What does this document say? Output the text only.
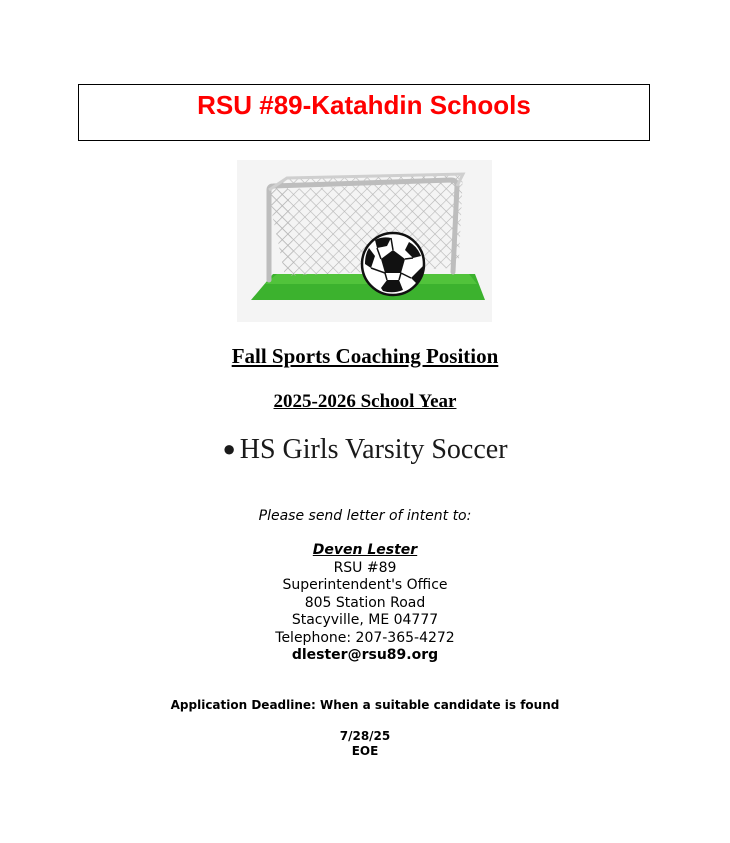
RSU #89-Katahdin Schools
Fall Sports Coaching Position
2025-2026 School Year
● HS Girls Varsity Soccer
Please send letter of intent to:
Deven Lester
RSU #89
Superintendent's Office
805 Station Road
Stacyville, ME 04777
Telephone: 207-365-4272
dlester@rsu89.org
Application Deadline: When a suitable candidate is found
7/28/25
EOE
